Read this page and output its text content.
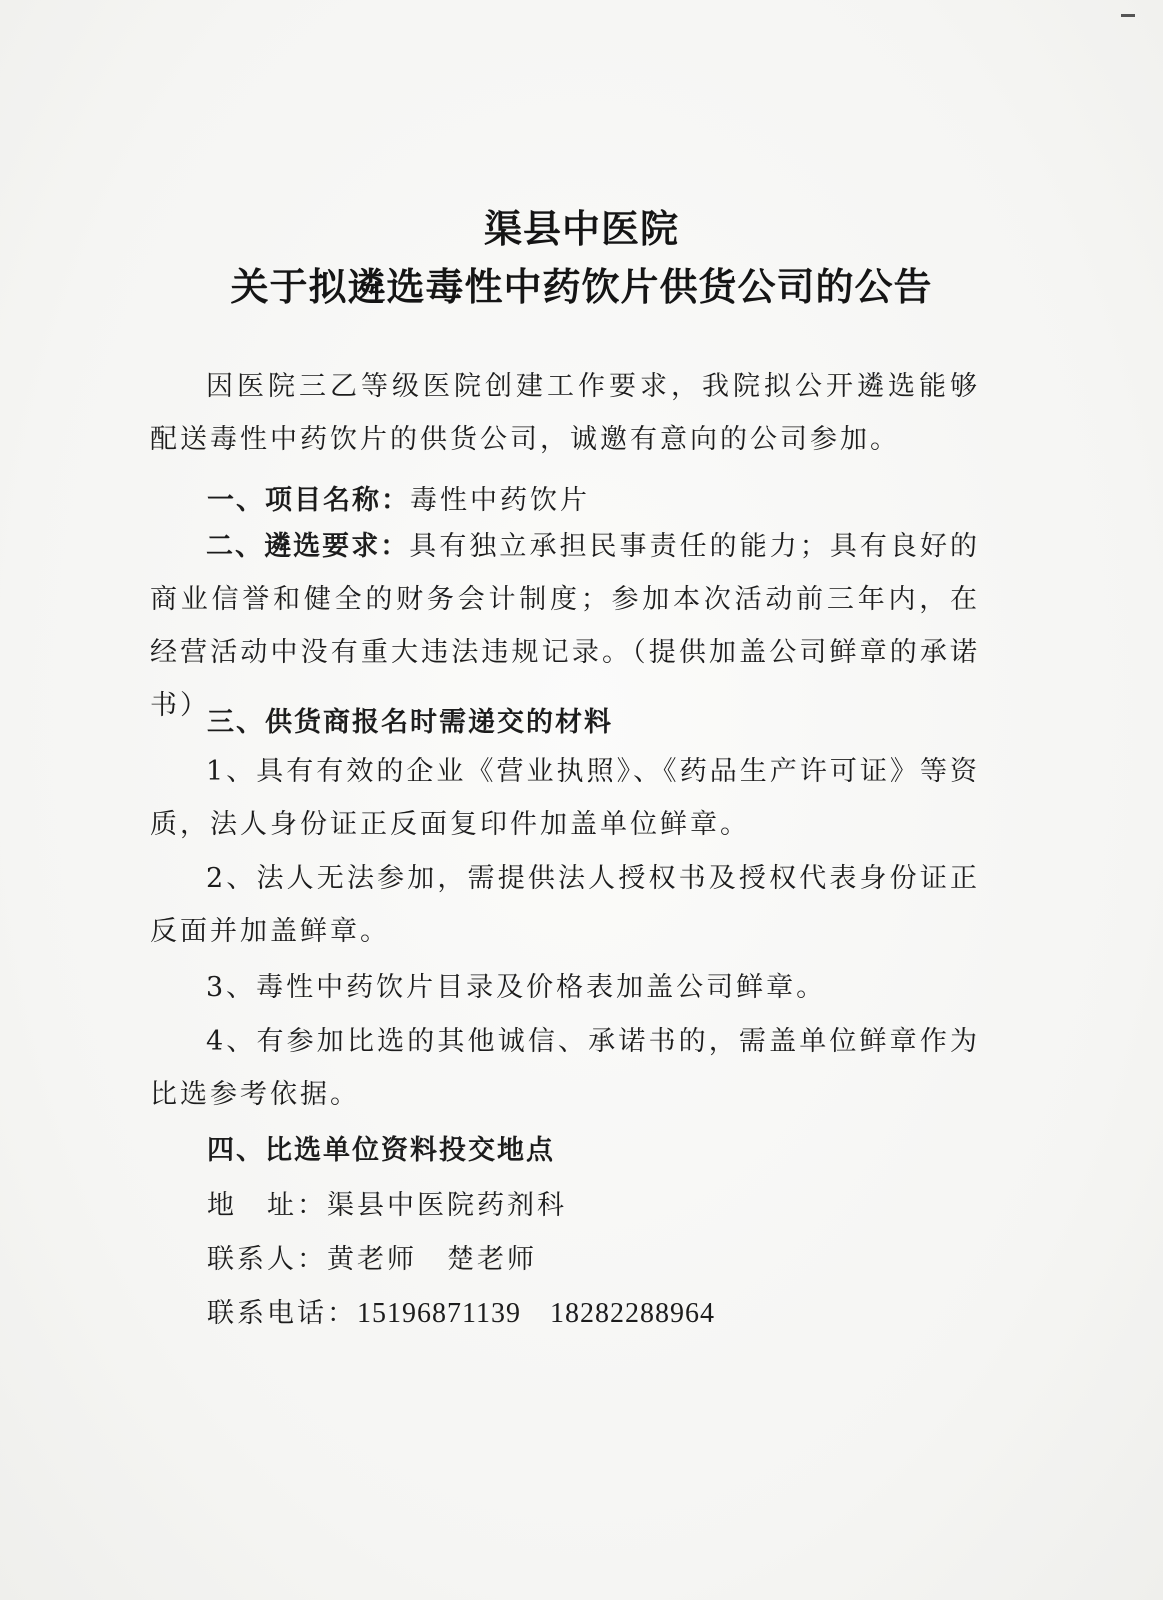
渠县中医院
关于拟遴选毒性中药饮片供货公司的公告
因医院三乙等级医院创建工作要求，我院拟公开遴选能够配送毒性中药饮片的供货公司，诚邀有意向的公司参加。
一、项目名称：毒性中药饮片
二、遴选要求：具有独立承担民事责任的能力；具有良好的商业信誉和健全的财务会计制度；参加本次活动前三年内，在经营活动中没有重大违法违规记录。（提供加盖公司鲜章的承诺书）
三、供货商报名时需递交的材料
1、具有有效的企业《营业执照》、《药品生产许可证》等资质，法人身份证正反面复印件加盖单位鲜章。
2、法人无法参加，需提供法人授权书及授权代表身份证正反面并加盖鲜章。
3、毒性中药饮片目录及价格表加盖公司鲜章。
4、有参加比选的其他诚信、承诺书的，需盖单位鲜章作为比选参考依据。
四、比选单位资料投交地点
地　址：渠县中医院药剂科
联系人：黄老师　楚老师
联系电话：15196871139　18282288964
